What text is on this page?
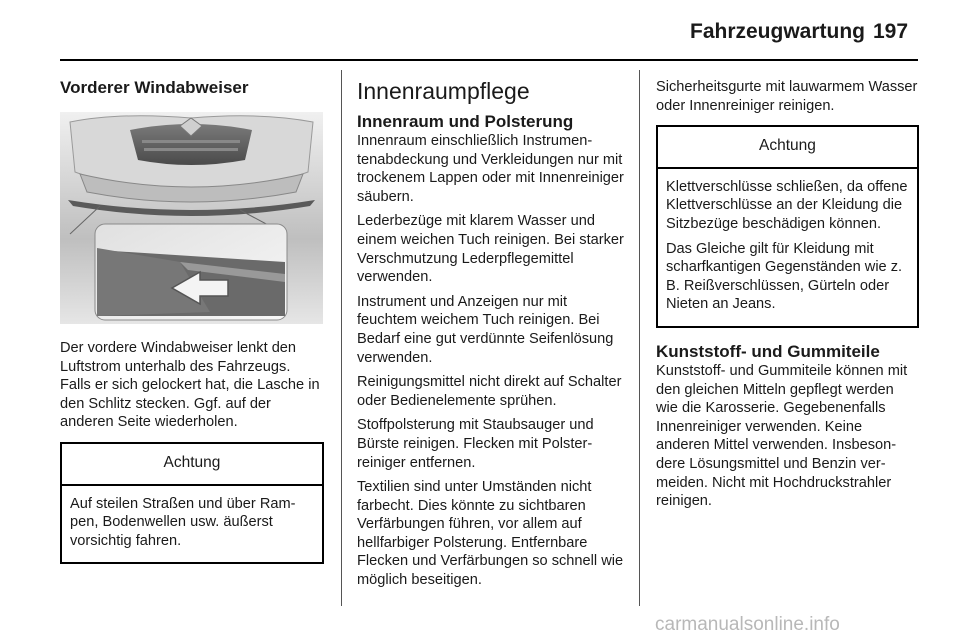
Fahrzeugwartung 197
Vorderer Windabweiser

Der vordere Windabweiser lenkt den Luftstrom unterhalb des Fahrzeugs. Falls er sich gelockert hat, die Lasche in den Schlitz stecken. Ggf. auf der anderen Seite wiederholen.

Achtung

Auf steilen Straßen und über Rampen, Bodenwellen usw. äußerst vorsichtig fahren.

Innenraumpflege
Innenraum und Polsterung

Innenraum einschließlich Instrumentenabdeckung und Verkleidungen nur mit trockenem Lappen oder mit Innenreiniger säubern.

Lederbezüge mit klarem Wasser und einem weichen Tuch reinigen. Bei starker Verschmutzung Lederpflegemittel verwenden.

Instrument und Anzeigen nur mit feuchtem weichem Tuch reinigen. Bei Bedarf eine gut verdünnte Seifenlösung verwenden.

Reinigungsmittel nicht direkt auf Schalter oder Bedienelemente sprühen.

Stoffpolsterung mit Staubsauger und Bürste reinigen. Flecken mit Polsterreiniger entfernen.

Textilien sind unter Umständen nicht farbecht. Dies könnte zu sichtbaren Verfärbungen führen, vor allem auf hellfarbiger Polsterung. Entfernbare Flecken und Verfärbungen so schnell wie möglich beseitigen.

Sicherheitsgurte mit lauwarmem Wasser oder Innenreiniger reinigen.

Achtung

Klettverschlüsse schließen, da offene Klettverschlüsse an der Kleidung die Sitzbezüge beschädigen können.

Das Gleiche gilt für Kleidung mit scharfkantigen Gegenständen wie z. B. Reißverschlüssen, Gürteln oder Nieten an Jeans.

Kunststoff- und Gummiteile

Kunststoff- und Gummiteile können mit den gleichen Mitteln gepflegt werden wie die Karosserie. Gegebenenfalls Innenreiniger verwenden. Keine anderen Mittel verwenden. Insbesondere Lösungsmittel und Benzin vermeiden. Nicht mit Hochdruckstrahler reinigen.

carmanualsonline.info
